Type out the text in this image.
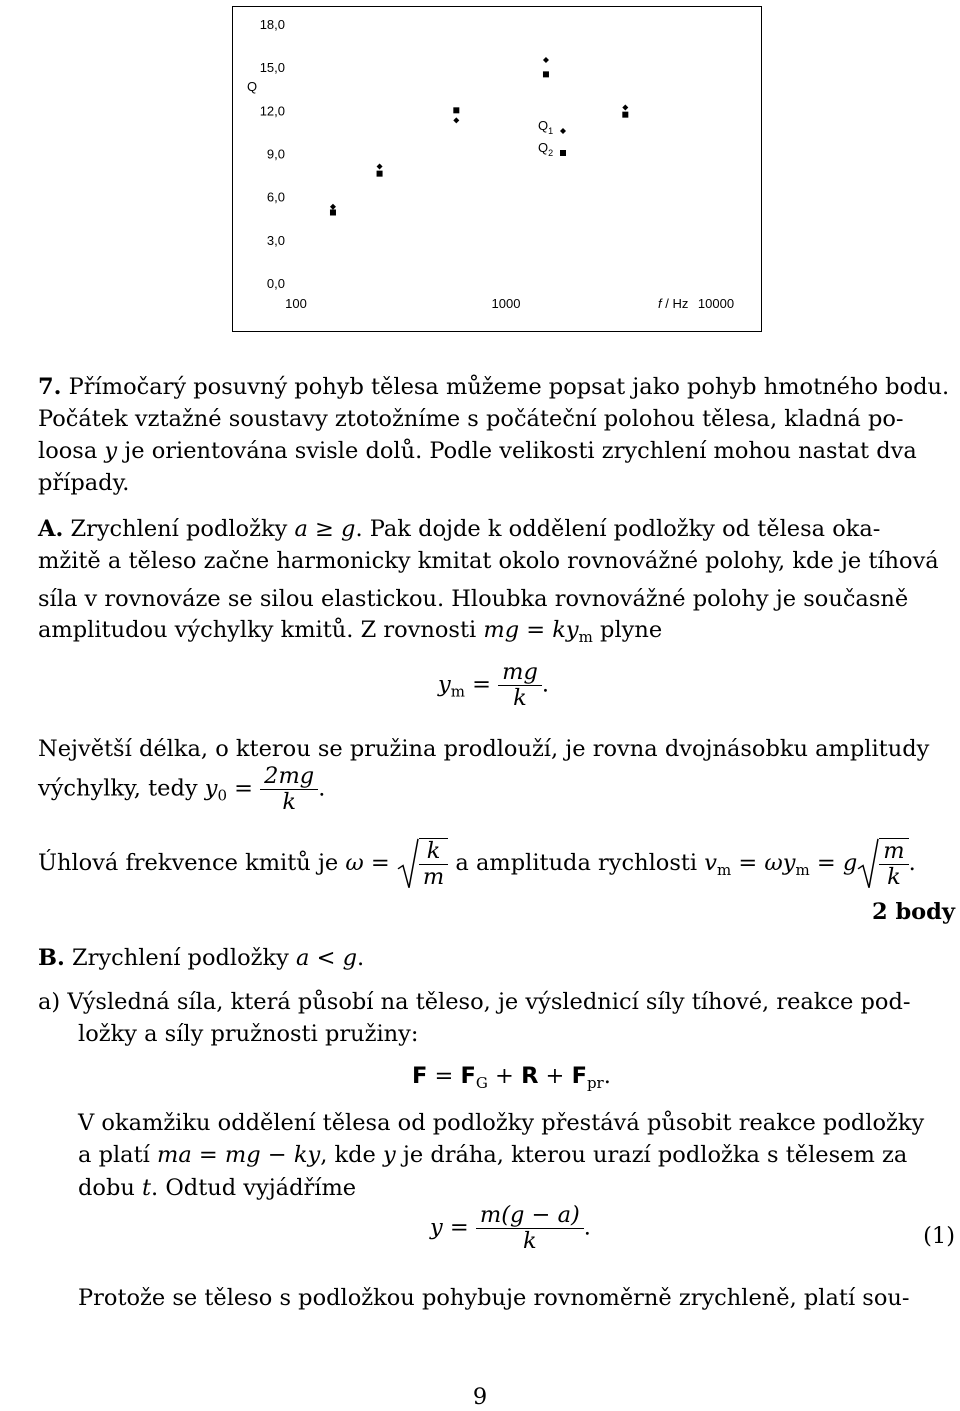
0,0
3,0
6,0
9,0
12,0
15,0
18,0
100	1000	10000
Q
f / Hz
$Q_1$
$Q_2$

7. Přímočarý posuvný pohyb tělesa můžeme popsat jako pohyb hmotného bodu.

Počátek vztažné soustavy ztotožníme s počáteční polohou tělesa, kladná po-

loosa y je orientována svisle dolů. Podle velikosti zrychlení mohou nastat dva

případy.

A. Zrychlení podložky a ≥ g. Pak dojde k oddělení podložky od tělesa oka-

mžitě a těleso začne harmonicky kmitat okolo rovnovážné polohy, kde je tíhová

síla v rovnováze se silou elastickou. Hloubka rovnovážné polohy je současně

amplitudou výchylky kmitů. Z rovnosti mg = $ky_m$ plyne

$y_m = \frac{mg}{k}$ .

Největší délka, o kterou se pružina prodlouží, je rovna dvojnásobku amplitudy

výchylky, tedy $y_0 = \frac{2mg}{k}$ .
Úhlová frekvence kmitů je $\omega = \frac{k}{m}$ a amplituda rychlosti $v_m = \omega y_m = g \frac{m}{k}$ .
2 body

B. Zrychlení podložky a < g.

a) Výsledná síla, která působí na těleso, je výslednicí síly tíhové, reakce pod-

ložky a síly pružnosti pružiny:

$F = F_G + R + F_{pr}$.

V okamžiku oddělení tělesa od podložky přestává působit reakce podložky

a platí ma = mg − ky, kde y je dráha, kterou urazí podložka s tělesem za

dobu t. Odtud vyjádříme

$y = \frac{m(g - a)}{k}$ .	(1)

Protože se těleso s podložkou pohybuje rovnoměrně zrychleně, platí sou-

9
